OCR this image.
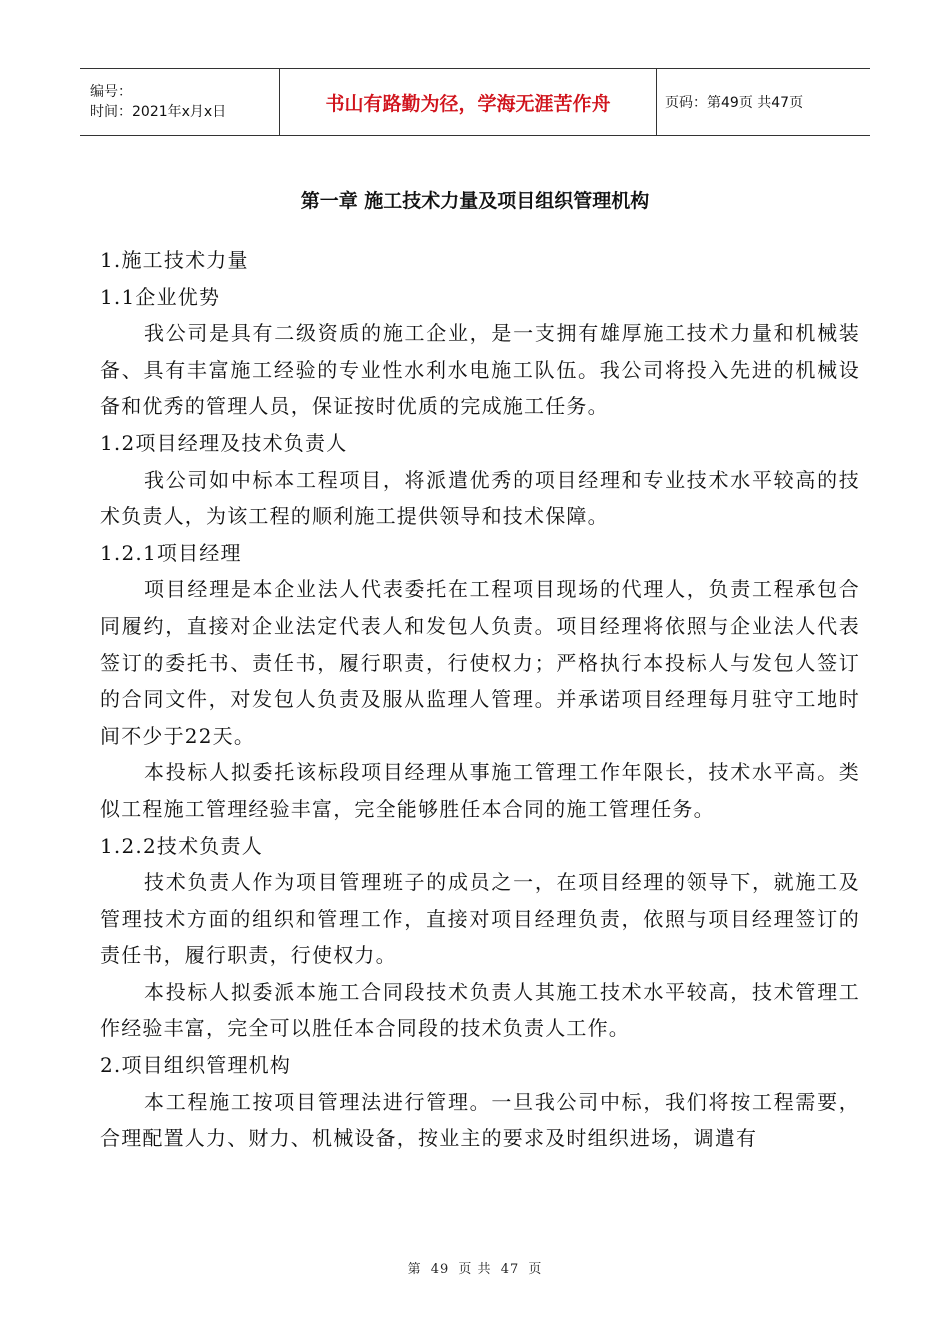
编号：
时间：2021年x月x日	书山有路勤为径，学海无涯苦作舟	页码：第49页 共47页
第一章 施工技术力量及项目组织管理机构

1.施工技术力量

1.1企业优势

我公司是具有二级资质的施工企业，是一支拥有雄厚施工技术力量和机械装备、具有丰富施工经验的专业性水利水电施工队伍。我公司将投入先进的机械设备和优秀的管理人员，保证按时优质的完成施工任务。

1.2项目经理及技术负责人

我公司如中标本工程项目，将派遣优秀的项目经理和专业技术水平较高的技术负责人，为该工程的顺利施工提供领导和技术保障。

1.2.1项目经理

项目经理是本企业法人代表委托在工程项目现场的代理人，负责工程承包合同履约，直接对企业法定代表人和发包人负责。项目经理将依照与企业法人代表签订的委托书、责任书，履行职责，行使权力；严格执行本投标人与发包人签订的合同文件，对发包人负责及服从监理人管理。并承诺项目经理每月驻守工地时间不少于22天。

本投标人拟委托该标段项目经理从事施工管理工作年限长，技术水平高。类似工程施工管理经验丰富，完全能够胜任本合同的施工管理任务。

1.2.2技术负责人

技术负责人作为项目管理班子的成员之一，在项目经理的领导下，就施工及管理技术方面的组织和管理工作，直接对项目经理负责，依照与项目经理签订的责任书，履行职责，行使权力。

本投标人拟委派本施工合同段技术负责人其施工技术水平较高，技术管理工作经验丰富，完全可以胜任本合同段的技术负责人工作。

2.项目组织管理机构

本工程施工按项目管理法进行管理。一旦我公司中标，我们将按工程需要，合理配置人力、财力、机械设备，按业主的要求及时组织进场，调遣有

第 49 页 共 47 页
